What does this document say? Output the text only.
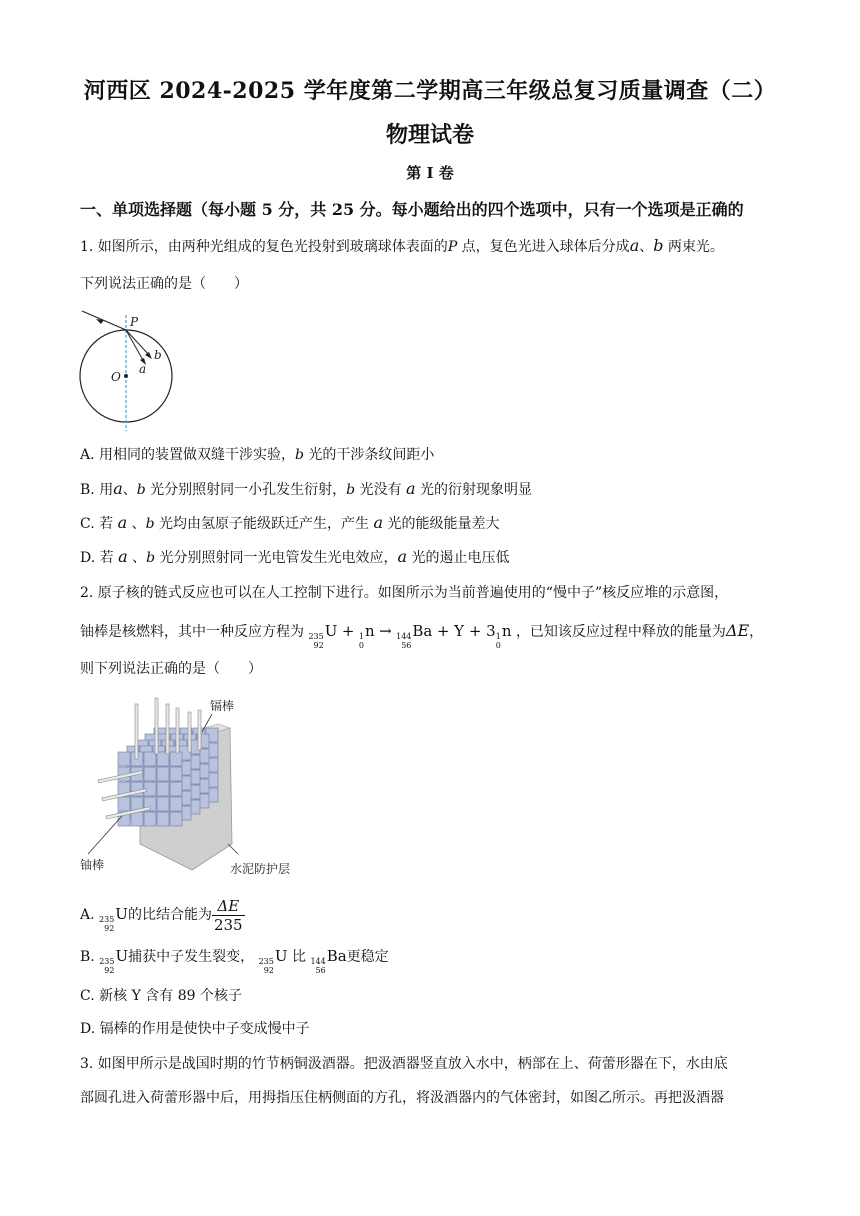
河西区 2024-2025 学年度第二学期高三年级总复习质量调查（二）
物理试卷
第 I 卷
一、单项选择题（每小题 5 分，共 25 分。每小题给出的四个选项中，只有一个选项是正确的
1. 如图所示，由两种光组成的复色光投射到玻璃球体表面的P 点，复色光进入球体后分成a、b 两束光。
下列说法正确的是（　　）
P
O
b
a
A. 用相同的装置做双缝干涉实验，b 光的干涉条纹间距小
B. 用a、b 光分别照射同一小孔发生衍射，b 光没有 a 光的衍射现象明显
C. 若 a 、b 光均由氢原子能级跃迁产生，产生 a 光的能级能量差大
D. 若 a 、b 光分别照射同一光电管发生光电效应，a 光的遏止电压低
2. 原子核的链式反应也可以在人工控制下进行。如图所示为当前普遍使用的“慢中子”核反应堆的示意图，
铀棒是核燃料，其中一种反应方程为 235
92
U + 1
0
n → 144
56
Ba + Y + 3 1
0
n ，已知该反应过程中释放的能量为ΔE，
则下列说法正确的是（　　）
镉棒
铀棒	水泥防护层
A. 235
92
U的比结合能为 $\frac{\Delta E}{235}$
B. 235
92
U捕获中子发生裂变， 235
92
U 比 144
56
Ba更稳定
C. 新核 Y 含有 89 个核子
D. 镉棒的作用是使快中子变成慢中子
3. 如图甲所示是战国时期的竹节柄铜汲酒器。把汲酒器竖直放入水中，柄部在上、荷蕾形器在下，水由底
部圆孔进入荷蕾形器中后，用拇指压住柄侧面的方孔，将汲酒器内的气体密封，如图乙所示。再把汲酒器
